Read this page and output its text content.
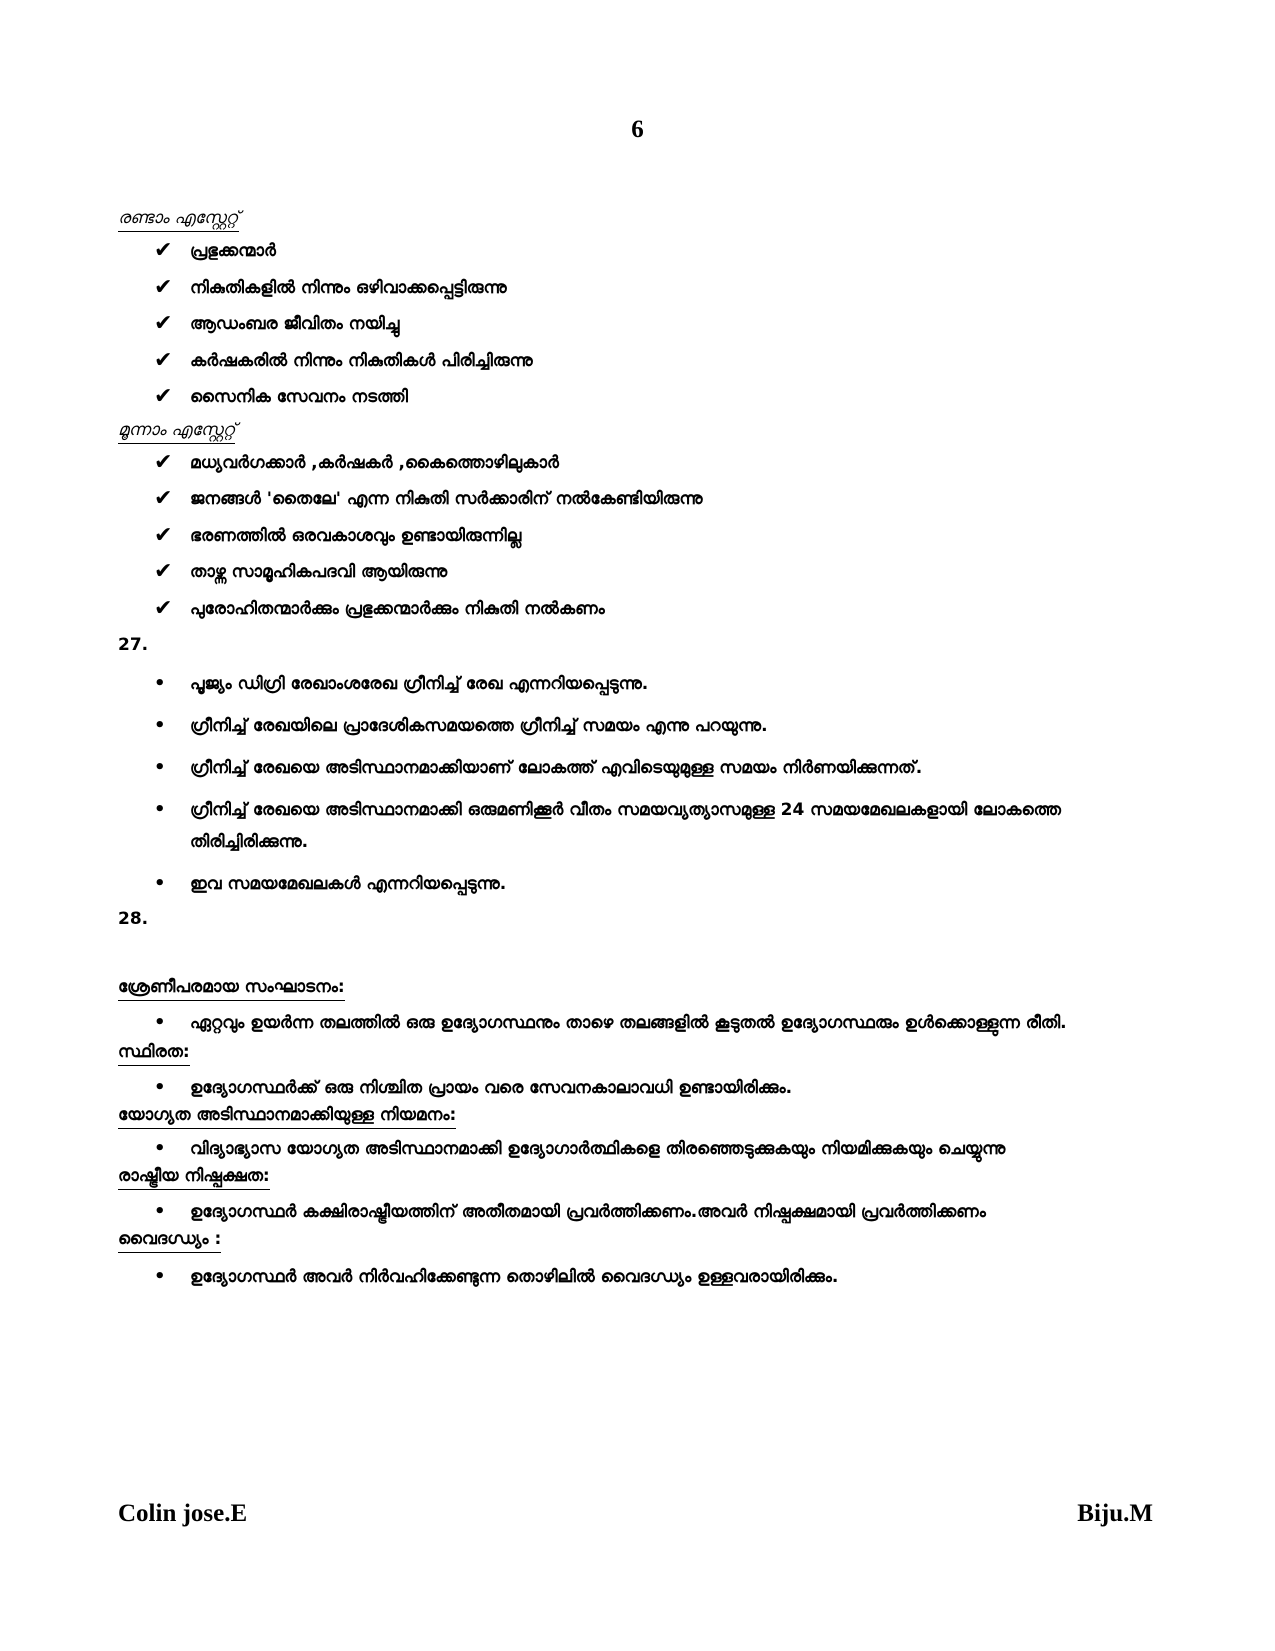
6
രണ്ടാം എസ്റ്റേറ്റ്
✔ പ്രഭുക്കന്മാർ
✔ നികുതികളിൽ നിന്നും ഒഴിവാക്കപ്പെട്ടിരുന്നു
✔ ആഡംബര ജീവിതം നയിച്ചു
✔ കർഷകരിൽ നിന്നും നികുതികൾ പിരിച്ചിരുന്നു
✔ സൈനിക സേവനം നടത്തി
മൂന്നാം എസ്റ്റേറ്റ്
✔ മധ്യവർഗക്കാർ ,കർഷകർ ,കൈത്തൊഴിലുകാർ
✔ ജനങ്ങൾ 'തൈലേ' എന്ന നികുതി സർക്കാരിന് നൽകേണ്ടിയിരുന്നു
✔ ഭരണത്തിൽ ഒരവകാശവും ഉണ്ടായിരുന്നില്ല
✔ താഴ്ന്ന സാമൂഹികപദവി ആയിരുന്നു
✔ പുരോഹിതന്മാർക്കും പ്രഭുക്കന്മാർക്കും നികുതി നൽകണം
27.
• പൂജ്യം ഡിഗ്രി രേഖാംശരേഖ ഗ്രീനിച്ച് രേഖ എന്നറിയപ്പെടുന്നു.
• ഗ്രീനിച്ച് രേഖയിലെ പ്രാദേശികസമയത്തെ ഗ്രീനിച്ച് സമയം എന്നു പറയുന്നു.
• ഗ്രീനിച്ച് രേഖയെ അടിസ്ഥാനമാക്കിയാണ് ലോകത്ത് എവിടെയുമുള്ള സമയം നിർണയിക്കുന്നത്.
• ഗ്രീനിച്ച് രേഖയെ അടിസ്ഥാനമാക്കി ഒരുമണിക്കൂർ വീതം സമയവ്യത്യാസമുള്ള 24 സമയമേഖലകളായി ലോകത്തെ തിരിച്ചിരിക്കുന്നു.
• ഇവ സമയമേഖലകൾ എന്നറിയപ്പെടുന്നു.
28.
ശ്രേണീപരമായ സംഘാടനം:
• ഏറ്റവും ഉയർന്ന തലത്തിൽ ഒരു ഉദ്യോഗസ്ഥനും താഴെ തലങ്ങളിൽ കൂടുതൽ ഉദ്യോഗസ്ഥരും ഉൾക്കൊള്ളുന്ന രീതി.
സ്ഥിരത:
• ഉദ്യോഗസ്ഥർക്ക് ഒരു നിശ്ചിത പ്രായം വരെ സേവനകാലാവധി ഉണ്ടായിരിക്കും.
യോഗ്യത അടിസ്ഥാനമാക്കിയുള്ള നിയമനം:
• വിദ്യാഭ്യാസ യോഗ്യത അടിസ്ഥാനമാക്കി ഉദ്യോഗാർത്ഥികളെ തിരഞ്ഞെടുക്കുകയും നിയമിക്കുകയും ചെയ്യുന്നു
രാഷ്ട്രീയ നിഷ്പക്ഷത:
• ഉദ്യോഗസ്ഥർ കക്ഷിരാഷ്ട്രീയത്തിന് അതീതമായി പ്രവർത്തിക്കണം.അവർ നിഷ്പക്ഷമായി പ്രവർത്തിക്കണം
വൈദഗ്ധ്യം :
• ഉദ്യോഗസ്ഥർ അവർ നിർവഹിക്കേണ്ടുന്ന തൊഴിലിൽ വൈദഗ്ധ്യം ഉള്ളവരായിരിക്കും.
Colin jose.E	Biju.M
